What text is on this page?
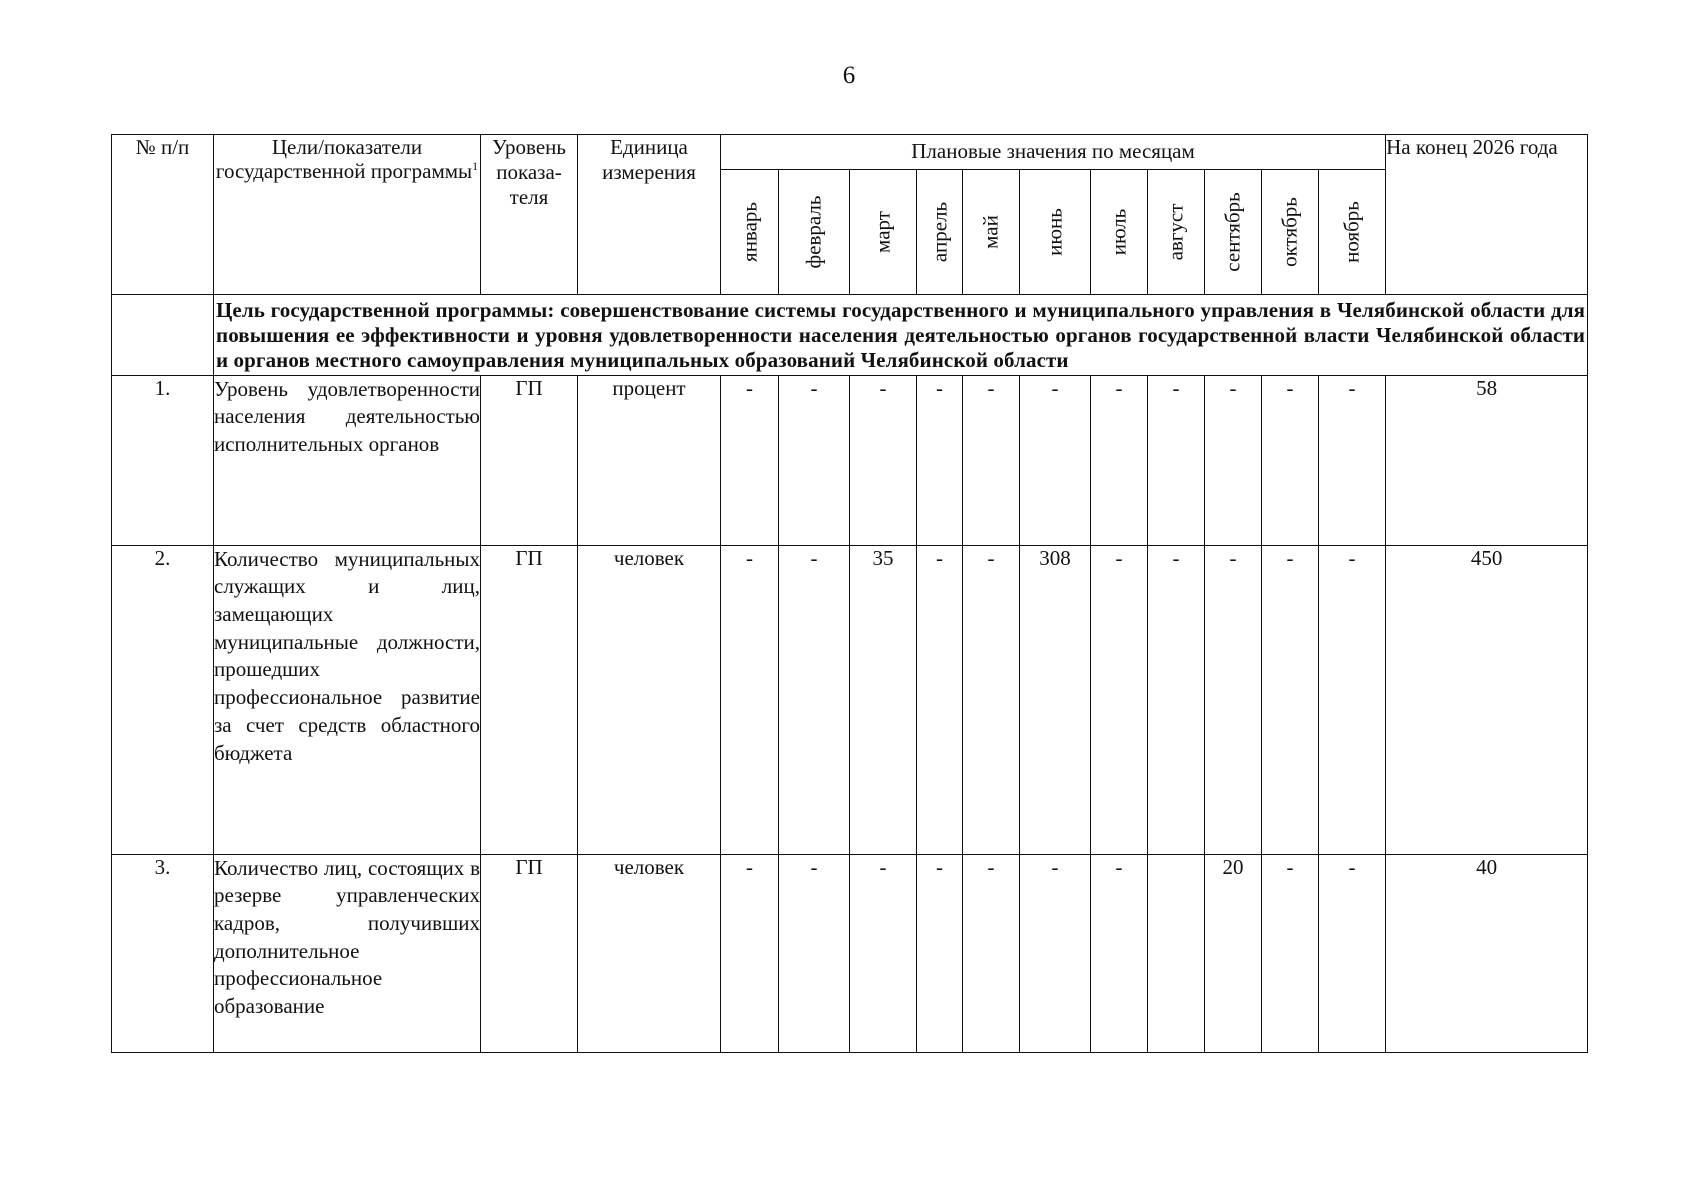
6
№ п/п	Цели/показатели государственной программы$^1$	Уровень показа-теля	Единица измерения	Плановые значения по месяцам											На конец 2026 года

				январь	февраль	март	апрель	май	июнь	июль	август	сентябрь	октябрь	ноябрь	

	Цель государственной программы: совершенствование системы государственного и муниципального управления в Челябинской области для повышения ее эффективности и уровня удовлетворенности населения деятельностью органов государственной власти Челябинской области и органов местного самоуправления муниципальных образований Челябинской области														
1.	Уровень удовлетворенности населения деятельностью исполнительных органов	ГП	процент	-	-	-	-	-	-	-	-	-	-	-	58
2.	Количество муниципальных служащих и лиц, замещающих муниципальные должности, прошедших профессиональное развитие за счет средств областного бюджета	ГП	человек	-	-	35	-	-	308	-	-	-	-	-	450
3.	Количество лиц, состоящих в резерве управленческих кадров, получивших дополнительное профессиональное образование	ГП	человек	-	-	-	-	-	-	-		20	-	-	40
